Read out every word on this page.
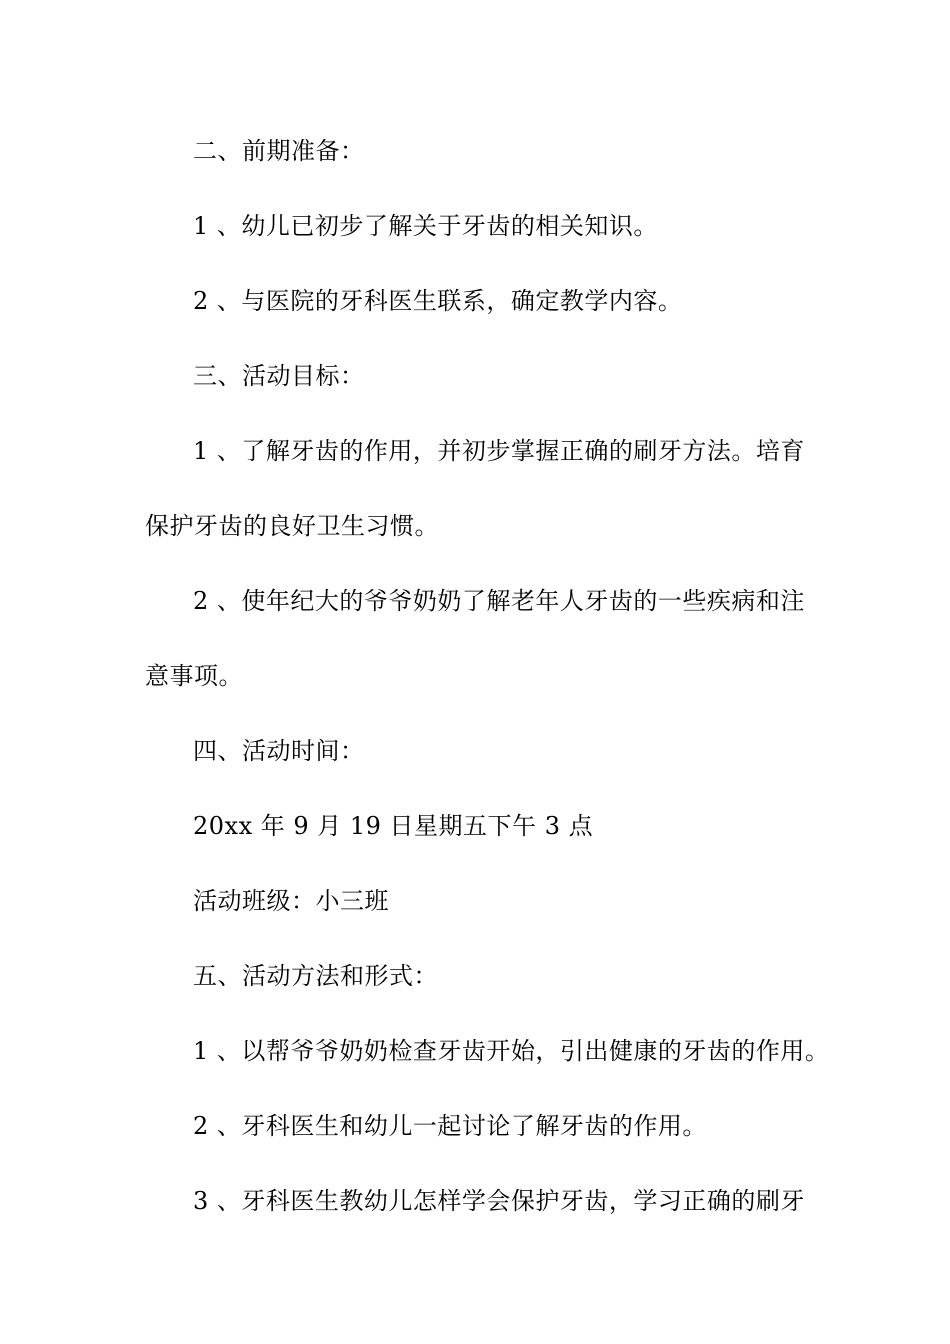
二、前期准备：
1 、幼儿已初步了解关于牙齿的相关知识。
2 、与医院的牙科医生联系，确定教学内容。
三、活动目标：
1 、了解牙齿的作用，并初步掌握正确的刷牙方法。培育
保护牙齿的良好卫生习惯。
2 、使年纪大的爷爷奶奶了解老年人牙齿的一些疾病和注
意事项。
四、活动时间：
20xx 年 9 月 19 日星期五下午 3 点
活动班级：小三班
五、活动方法和形式：
1 、以帮爷爷奶奶检查牙齿开始，引出健康的牙齿的作用。
2 、牙科医生和幼儿一起讨论了解牙齿的作用。
3 、牙科医生教幼儿怎样学会保护牙齿，学习正确的刷牙
